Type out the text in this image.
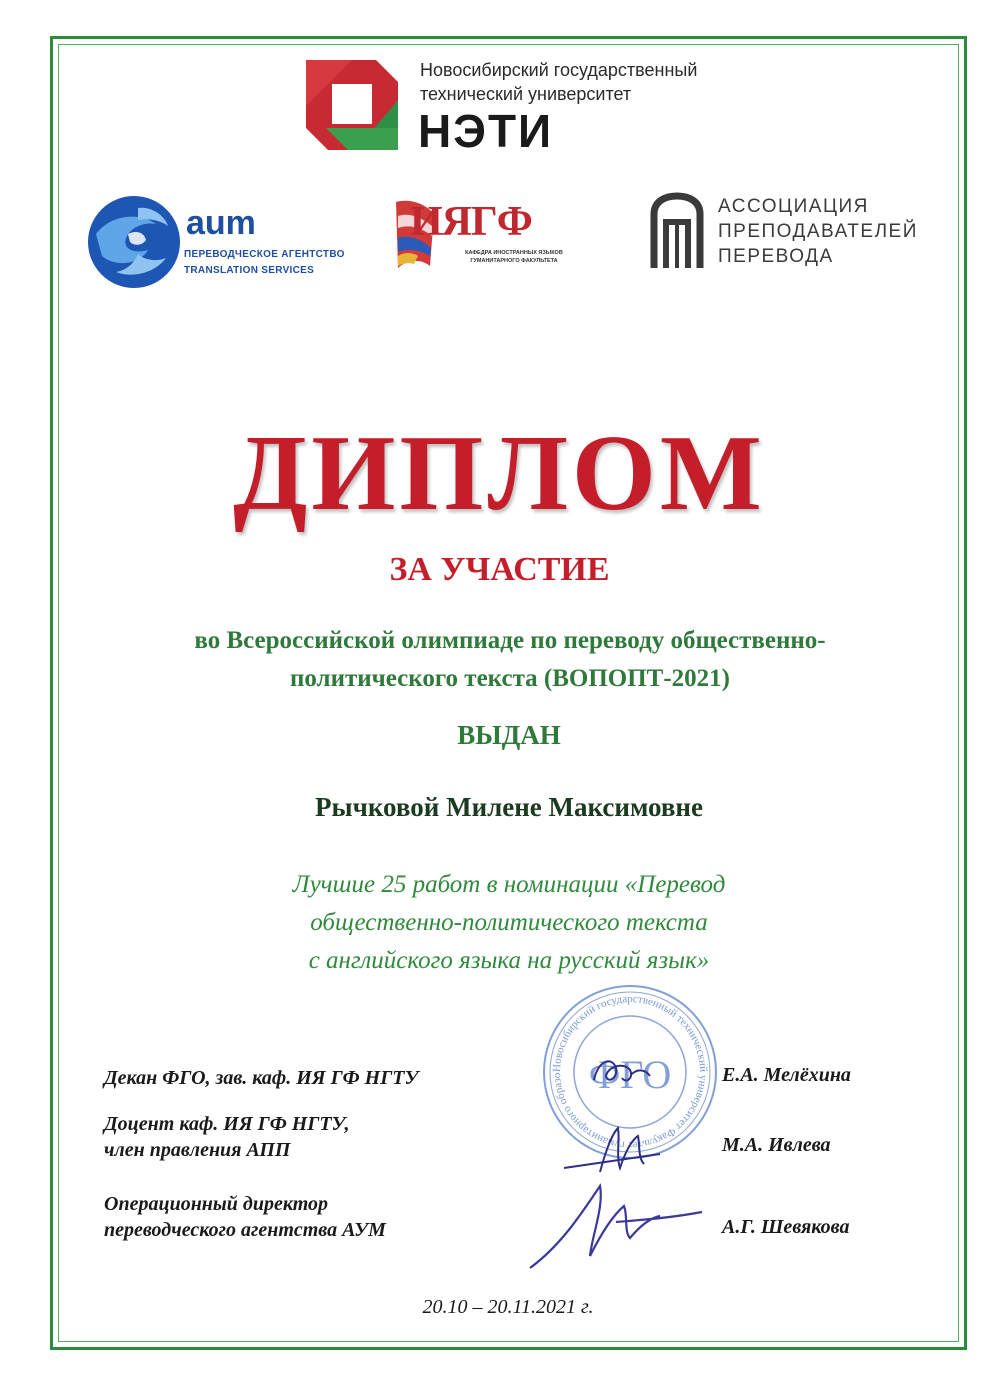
Новосибирский государственный
технический университет
НЭТИ
aum
ПЕРЕВОДЧЕСКОЕ АГЕНТСТВО
TRANSLATION SERVICES
ИЯГФ
КАФЕДРА ИНОСТРАННЫХ ЯЗЫКОВ
ГУМАНИТАРНОГО ФАКУЛЬТЕТА
АССОЦИАЦИЯ
ПРЕПОДАВАТЕЛЕЙ
ПЕРЕВОДА
ДИПЛОМ
ЗА УЧАСТИЕ
во Всероссийской олимпиаде по переводу общественно-
политического текста (ВОПОПТ-2021)
ВЫДАН
Рычковой Милене Максимовне
Лучшие 25 работ в номинации «Перевод
общественно-политического текста
с английского языка на русский язык»
Новосибирский государственный технический университет Факультет гуманитарного образо ФГО
Декан ФГО, зав. каф. ИЯ ГФ НГТУ	Е.А. Мелёхина
Доцент каф. ИЯ ГФ НГТУ,
член правления АПП	М.А. Ивлева
Операционный директор
переводческого агентства АУМ	А.Г. Шевякова
20.10 – 20.11.2021 г.
